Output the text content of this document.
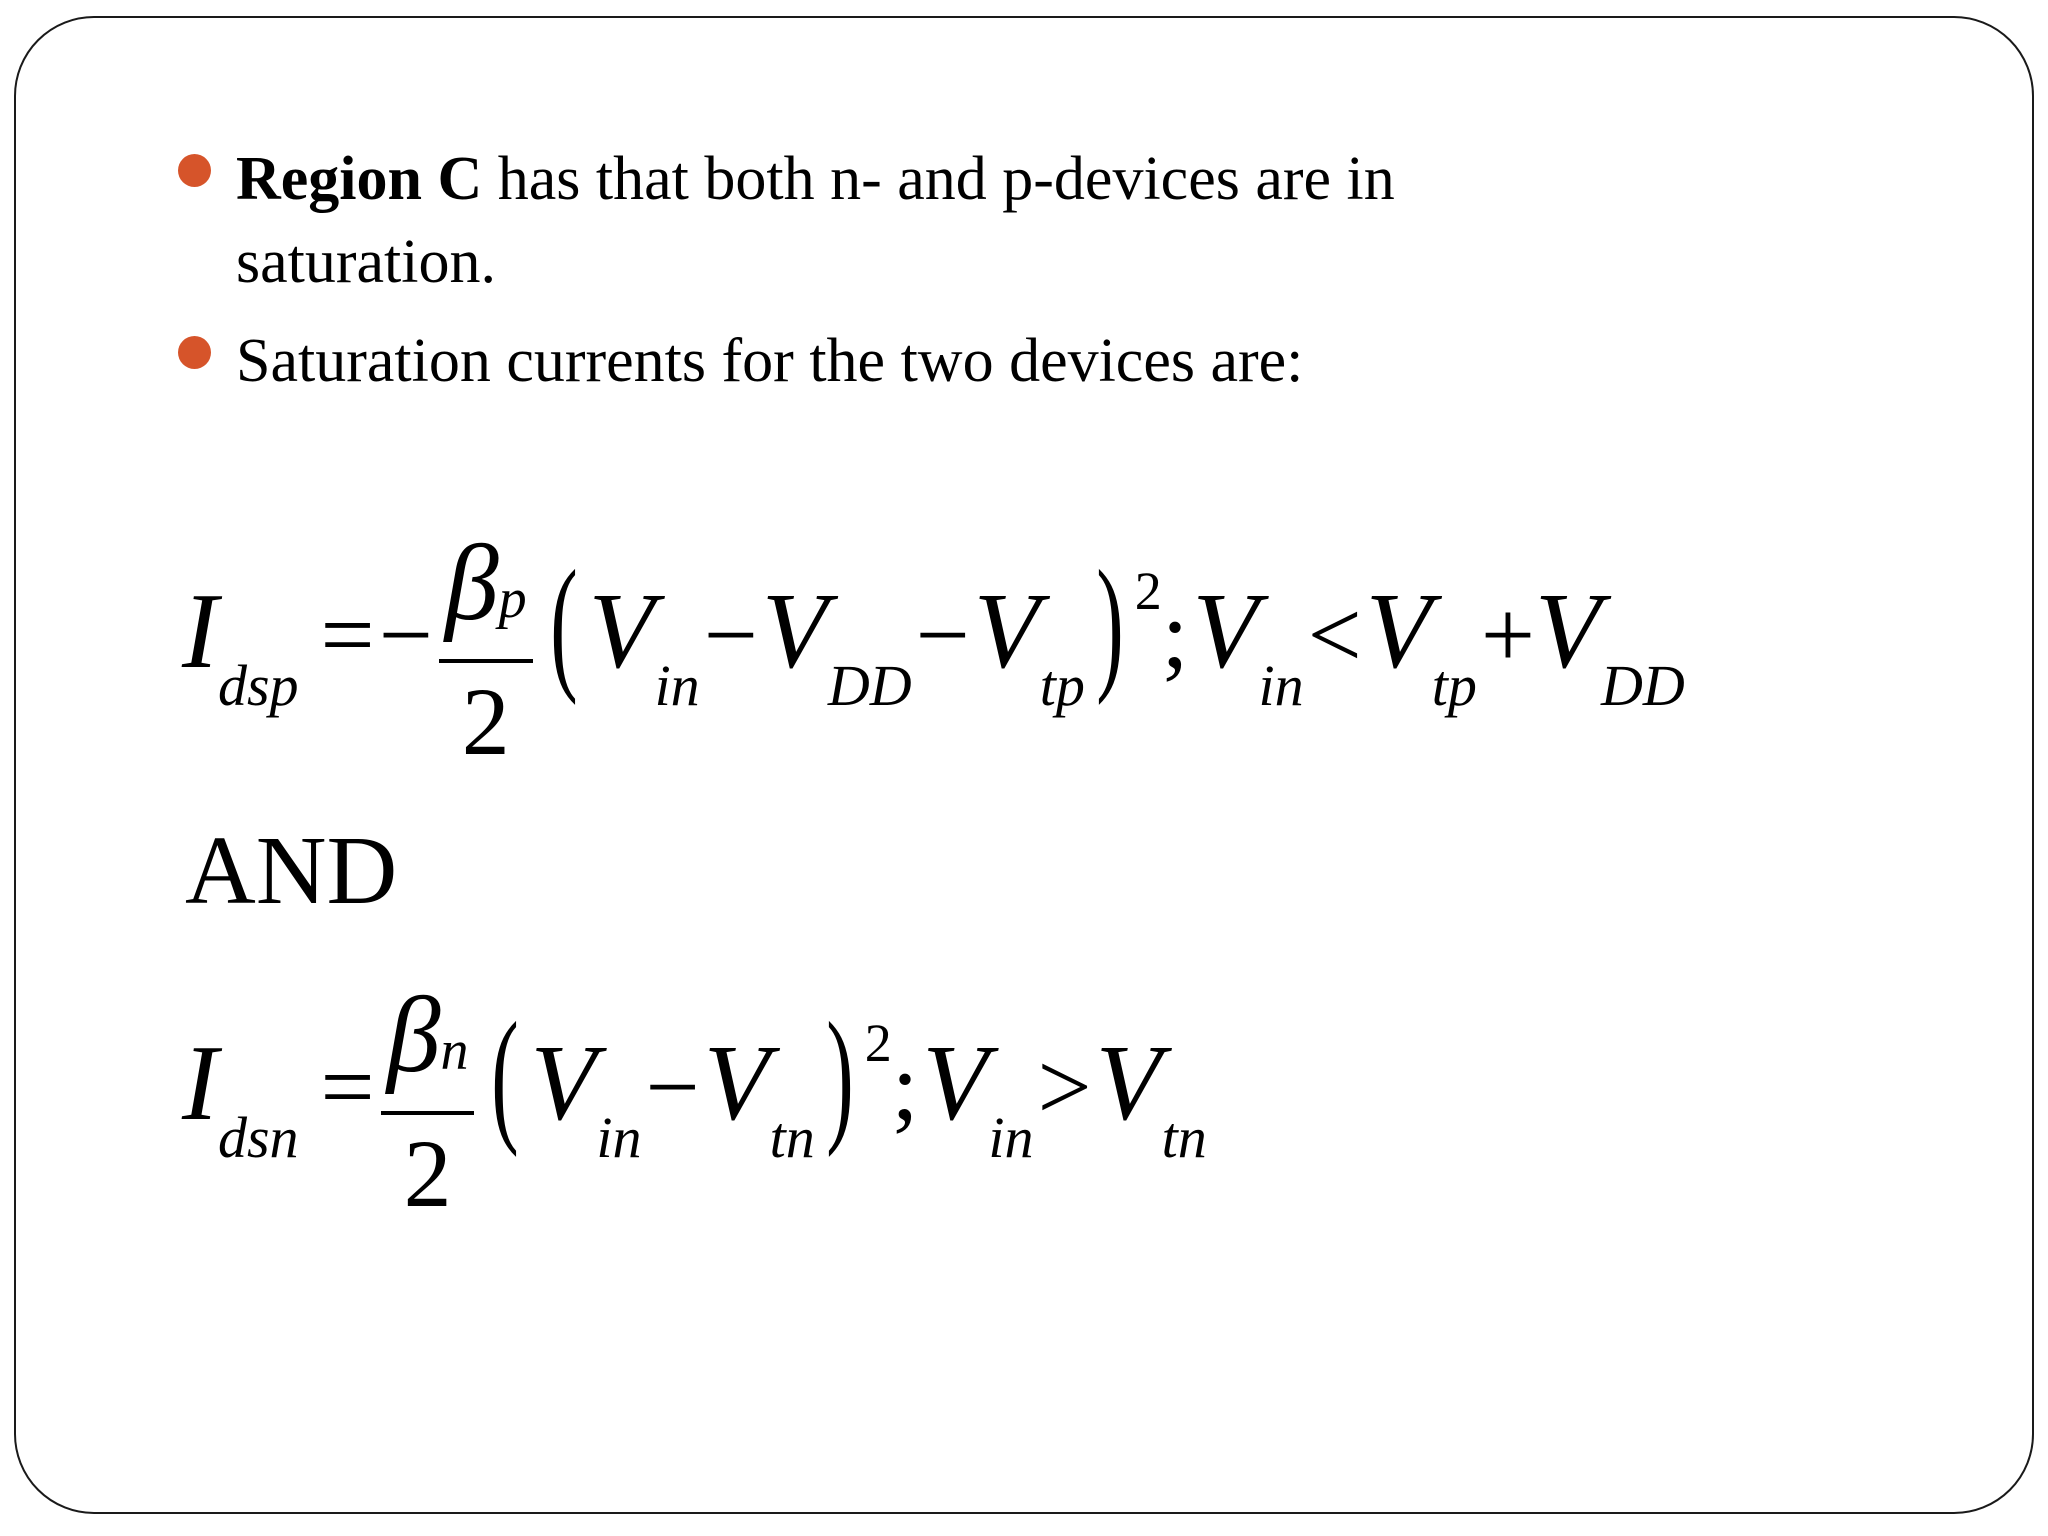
Region C has that both n- and p-devices are in
saturation.
Saturation currents for the two devices are:
Idsp = − $\frac{\beta p}{2}$ ( Vin − VDD − Vtp) 2; Vin < Vtp +VDD
AND
Idsn = $\frac{\beta n}{2}$ ( Vin − Vtn) 2; Vin > Vtn
